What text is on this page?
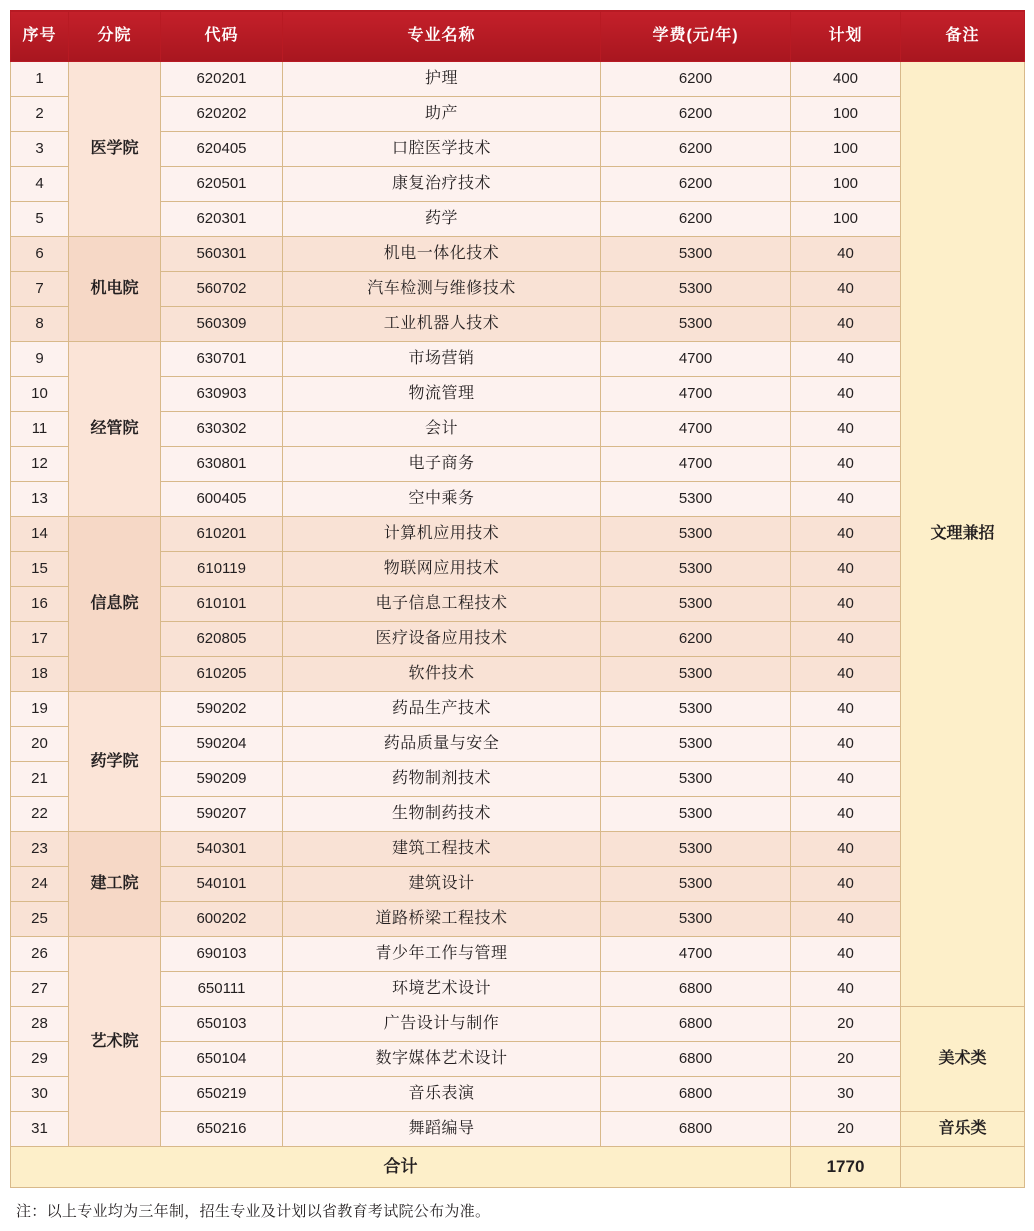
序号	分院	代码	专业名称	学费(元/年)	计划	备注
1	医学院	620201	护理	6200	400	文理兼招
2		620202	助产	6200	100	
3		620405	口腔医学技术	6200	100	
4		620501	康复治疗技术	6200	100	
5		620301	药学	6200	100	
6	机电院	560301	机电一体化技术	5300	40	
7		560702	汽车检测与维修技术	5300	40	
8		560309	工业机器人技术	5300	40	
9	经管院	630701	市场营销	4700	40	
10		630903	物流管理	4700	40	
11		630302	会计	4700	40	
12		630801	电子商务	4700	40	
13		600405	空中乘务	5300	40	
14	信息院	610201	计算机应用技术	5300	40	
15		610119	物联网应用技术	5300	40	
16		610101	电子信息工程技术	5300	40	
17		620805	医疗设备应用技术	6200	40	
18		610205	软件技术	5300	40	
19	药学院	590202	药品生产技术	5300	40	
20		590204	药品质量与安全	5300	40	
21		590209	药物制剂技术	5300	40	
22		590207	生物制药技术	5300	40	
23	建工院	540301	建筑工程技术	5300	40	
24		540101	建筑设计	5300	40	
25		600202	道路桥梁工程技术	5300	40	
26	艺术院	690103	青少年工作与管理	4700	40	
27		650111	环境艺术设计	6800	40	
28		650103	广告设计与制作	6800	20	美术类
29		650104	数字媒体艺术设计	6800	20	
30		650219	音乐表演	6800	30	
31		650216	舞蹈编导	6800	20	音乐类
合计					1770	
注：以上专业均为三年制，招生专业及计划以省教育考试院公布为准。
